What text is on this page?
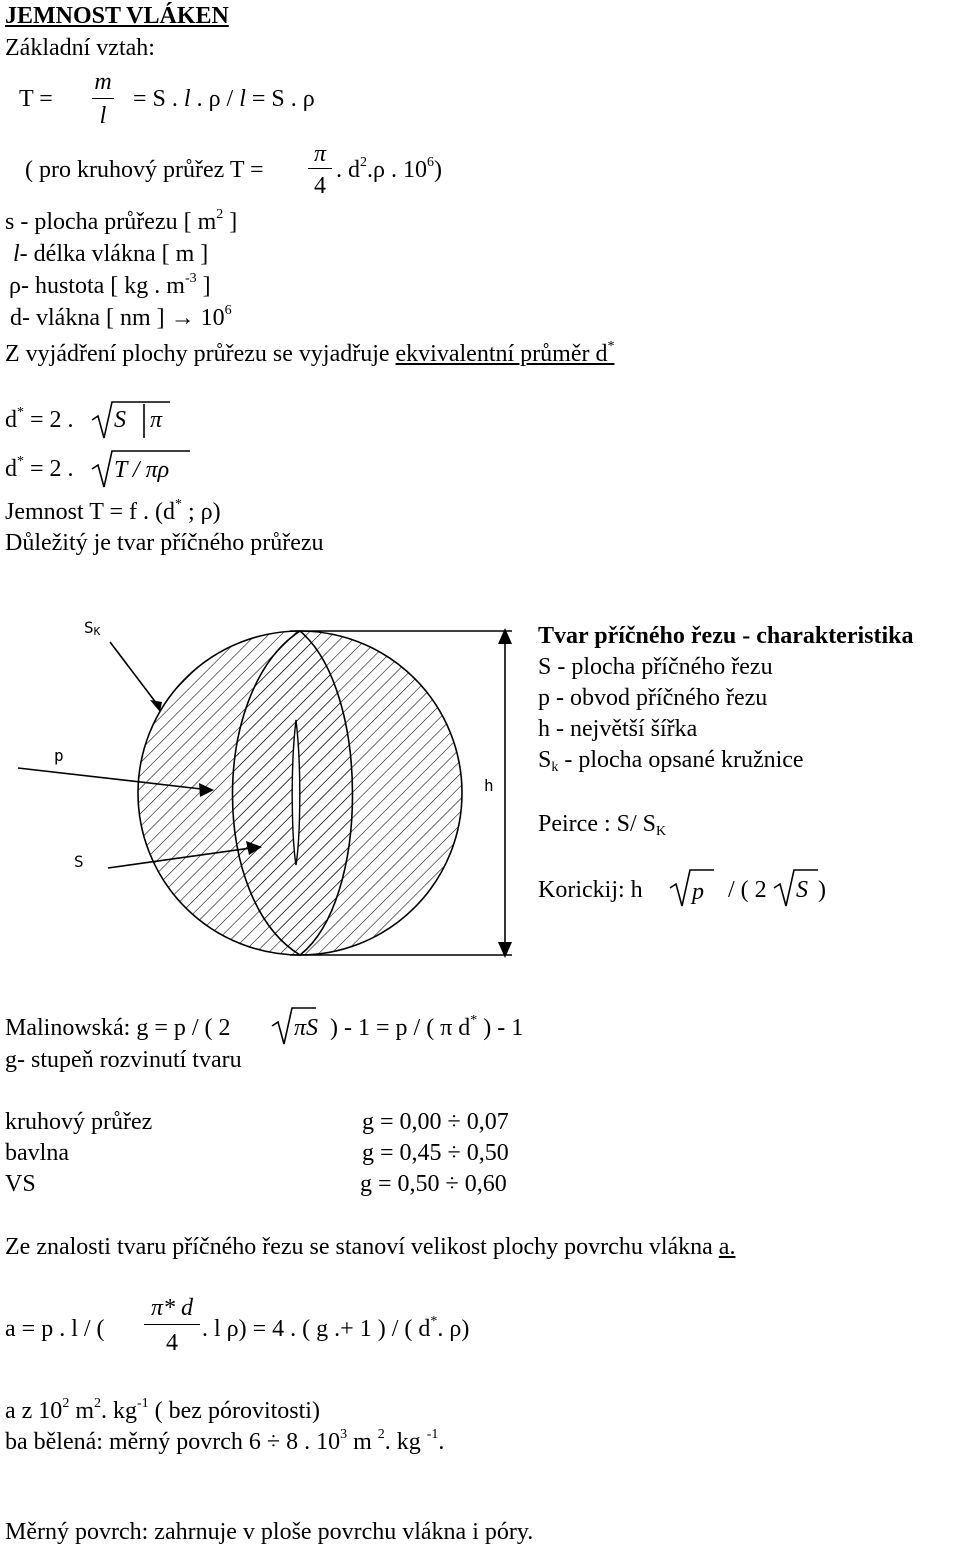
JEMNOST VLÁKEN
Základní vztah:
$T = \frac{m}{l} = S$ . l . ρ / l = S . ρ
( pro kruhový průřez $T = \frac{\pi}{4}$ . $d^2.\rho$ . $10^6$)
s - plocha průřezu [ $m^2$ ]
l- délka vlákna [ m ]
ρ- hustota [ kg . $m^{-3}$ ]
d- vlákna [ nm ] → $10^6$
Z vyjádření plochy průřezu se vyjadřuje ekvivalentní průměr d*
d* = 2 . S π
d* = 2 . T / πρ
Jemnost T = f . (d* ; ρ)
Důležitý je tvar příčného průřezu
$S_K$
p
S
h
Tvar příčného řezu - charakteristika
S - plocha příčného řezu
p - obvod příčného řezu
h - největší šířka
$S_k$ - plocha opsané kružnice
Peirce : S/ $S_K$
Korickij: h p / ( 2 S )
Malinowská: g = p / ( 2	πS ) - 1 = p / ( π d* ) - 1
g- stupeň rozvinutí tvaru
kruhový průřez	g = 0,00 ÷ 0,07
bavlna	g = 0,45 ÷ 0,50
VS	g = 0,50 ÷ 0,60
Ze znalosti tvaru příčného řezu se stanoví velikost plochy povrchu vlákna a.
a = p . l / ( $\frac{\pi* d}{4}$ . l ρ) = 4 . ( g .+ 1 ) / ( d*. ρ)
a z $10^2$ $m^2$. $kg^{-1}$ ( bez pórovitosti)
ba bělená: měrný povrch 6 ÷ 8 . $10^3$ m $^2$. kg $^{-1}$.
Měrný povrch: zahrnuje v ploše povrchu vlákna i póry.
